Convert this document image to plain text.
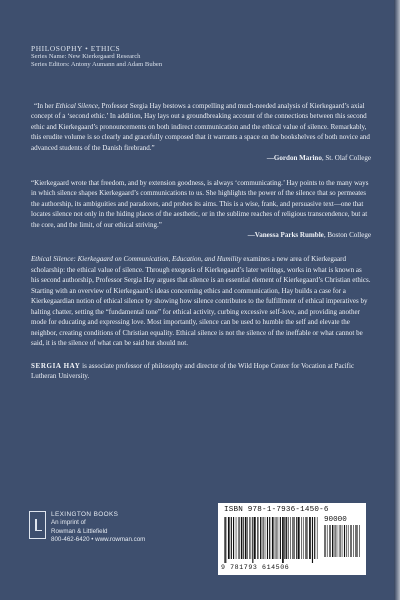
PHILOSOPHY • ETHICS
Series Name: New Kierkegaard Research
Series Editors: Antony Aumann and Adam Buben

“In her Ethical Silence, Professor Sergia Hay bestows a compelling and much-needed analysis of Kierkegaard’s axial concept of a ‘second ethic.’ In addition, Hay lays out a groundbreaking account of the connections between this second ethic and Kierkegaard’s pronouncements on both indirect communication and the ethical value of silence. Remarkably, this erudite volume is so clearly and gracefully composed that it warrants a space on the bookshelves of both novice and advanced students of the Danish firebrand.”

—Gordon Marino, St. Olaf College

“Kierkegaard wrote that freedom, and by extension goodness, is always ‘communicating.’ Hay points to the many ways in which silence shapes Kierkegaard’s communications to us. She highlights the power of the silence that so permeates the authorship, its ambiguities and paradoxes, and probes its aims. This is a wise, frank, and persuasive text—one that locates silence not only in the hiding places of the aesthetic, or in the sublime reaches of religious transcendence, but at the core, and the limit, of our ethical striving.”

—Vanessa Parks Rumble, Boston College

Ethical Silence: Kierkegaard on Communication, Education, and Humility examines a new area of Kierkegaard scholarship: the ethical value of silence. Through exegesis of Kierkegaard’s later writings, works in what is known as his second authorship, Professor Sergia Hay argues that silence is an essential element of Kierkegaard’s Christian ethics. Starting with an overview of Kierkegaard’s ideas concerning ethics and communication, Hay builds a case for a Kierkegaardian notion of ethical silence by showing how silence contributes to the fulfillment of ethical imperatives by halting chatter, setting the “fundamental tone” for ethical activity, curbing excessive self-love, and providing another mode for educating and expressing love. Most importantly, silence can be used to humble the self and elevate the neighbor, creating conditions of Christian equality. Ethical silence is not the silence of the ineffable or what cannot be said, it is the silence of what can be said but should not.

SERGIA HAY is associate professor of philosophy and director of the Wild Hope Center for Vocation at Pacific Lutheran University.

LEXINGTON BOOKS
An imprint of
Rowman & Littlefield
800-462-6420 • www.rowman.com
ISBN 978-1-7936-1450-6
90000
9 781793 614506
